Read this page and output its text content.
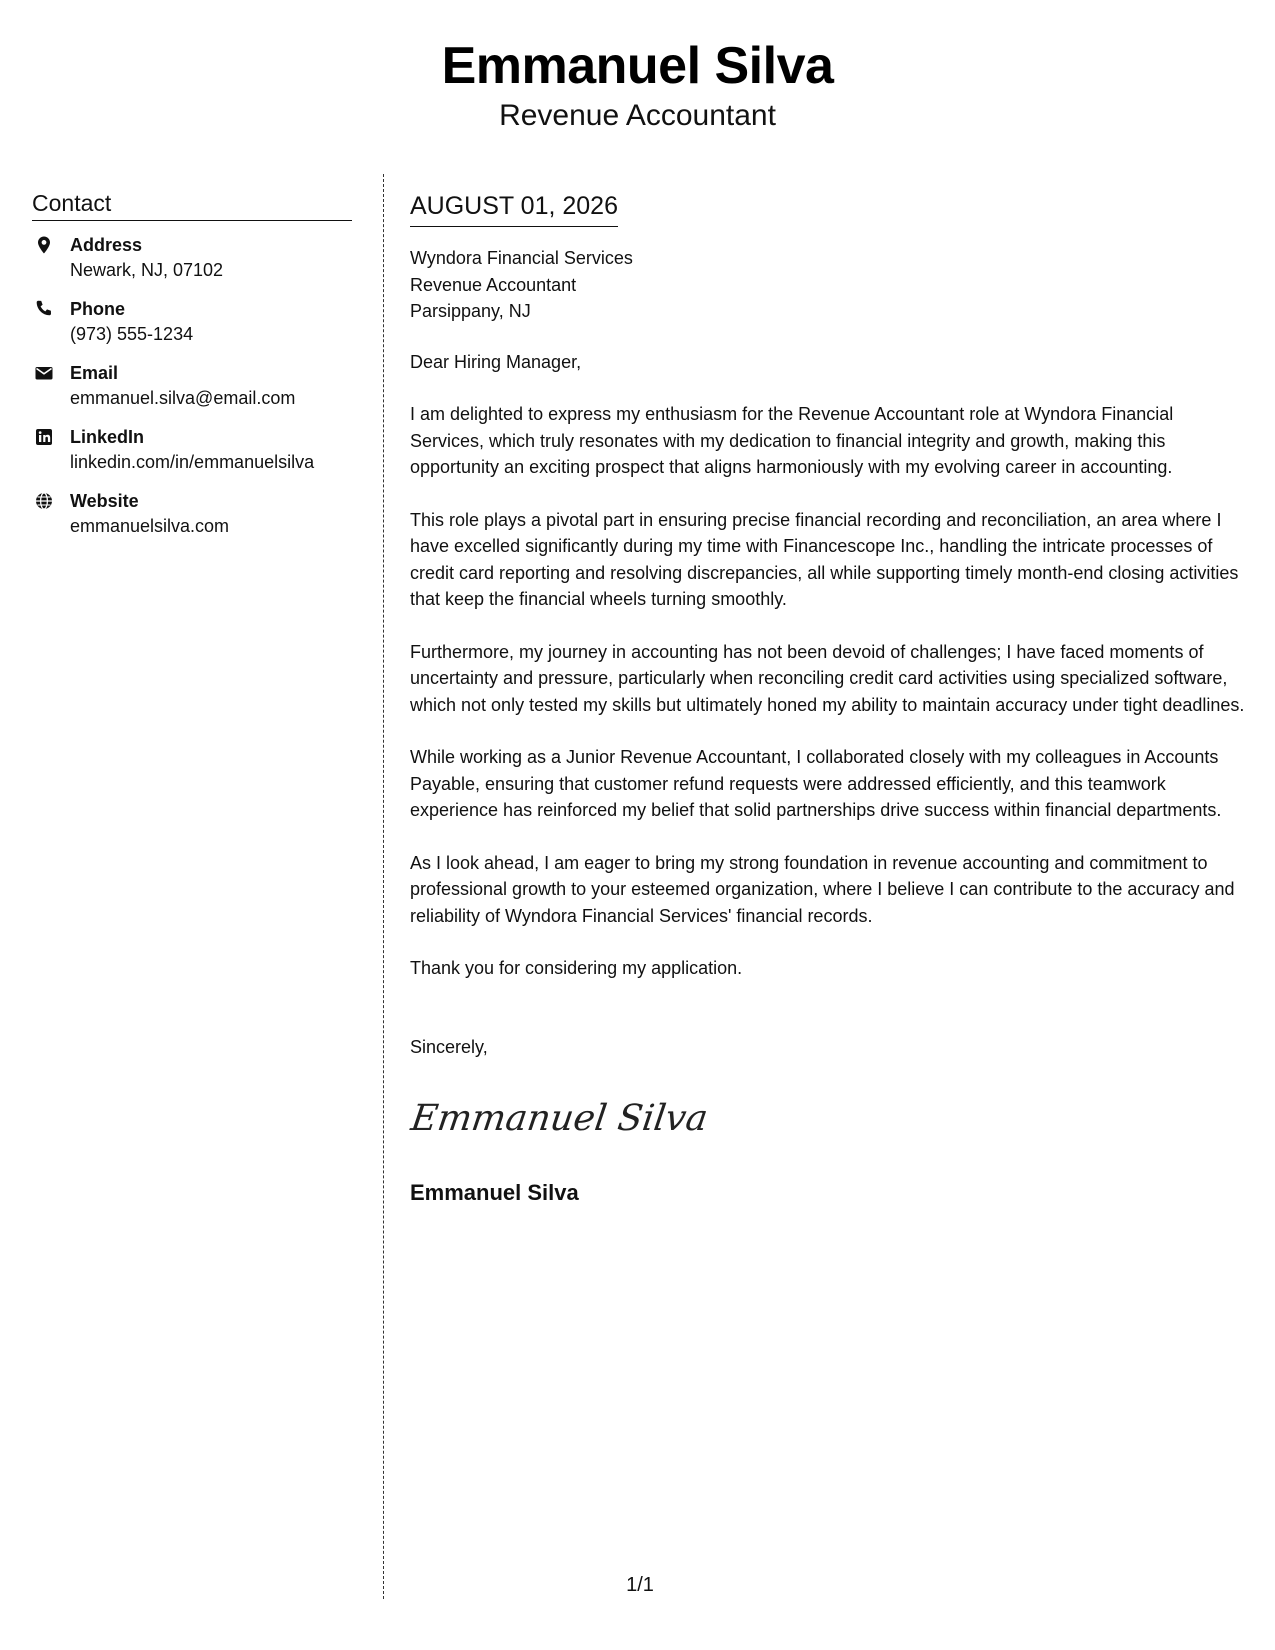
Emmanuel Silva
Revenue Accountant
Contact
Address
Newark, NJ, 07102
Phone
(973) 555-1234
Email
emmanuel.silva@email.com
LinkedIn
linkedin.com/in/emmanuelsilva
Website
emmanuelsilva.com
AUGUST 01, 2026
Wyndora Financial Services
Revenue Accountant
Parsippany, NJ
Dear Hiring Manager,

I am delighted to express my enthusiasm for the Revenue Accountant role at Wyndora Financial Services, which truly resonates with my dedication to financial integrity and growth, making this opportunity an exciting prospect that aligns harmoniously with my evolving career in accounting.

This role plays a pivotal part in ensuring precise financial recording and reconciliation, an area where I have excelled significantly during my time with Financescope Inc., handling the intricate processes of credit card reporting and resolving discrepancies, all while supporting timely month-end closing activities that keep the financial wheels turning smoothly.

Furthermore, my journey in accounting has not been devoid of challenges; I have faced moments of uncertainty and pressure, particularly when reconciling credit card activities using specialized software, which not only tested my skills but ultimately honed my ability to maintain accuracy under tight deadlines.

While working as a Junior Revenue Accountant, I collaborated closely with my colleagues in Accounts Payable, ensuring that customer refund requests were addressed efficiently, and this teamwork experience has reinforced my belief that solid partnerships drive success within financial departments.

As I look ahead, I am eager to bring my strong foundation in revenue accounting and commitment to professional growth to your esteemed organization, where I believe I can contribute to the accuracy and reliability of Wyndora Financial Services' financial records.

Thank you for considering my application.

Sincerely,
Emmanuel Silva
Emmanuel Silva
1/1
